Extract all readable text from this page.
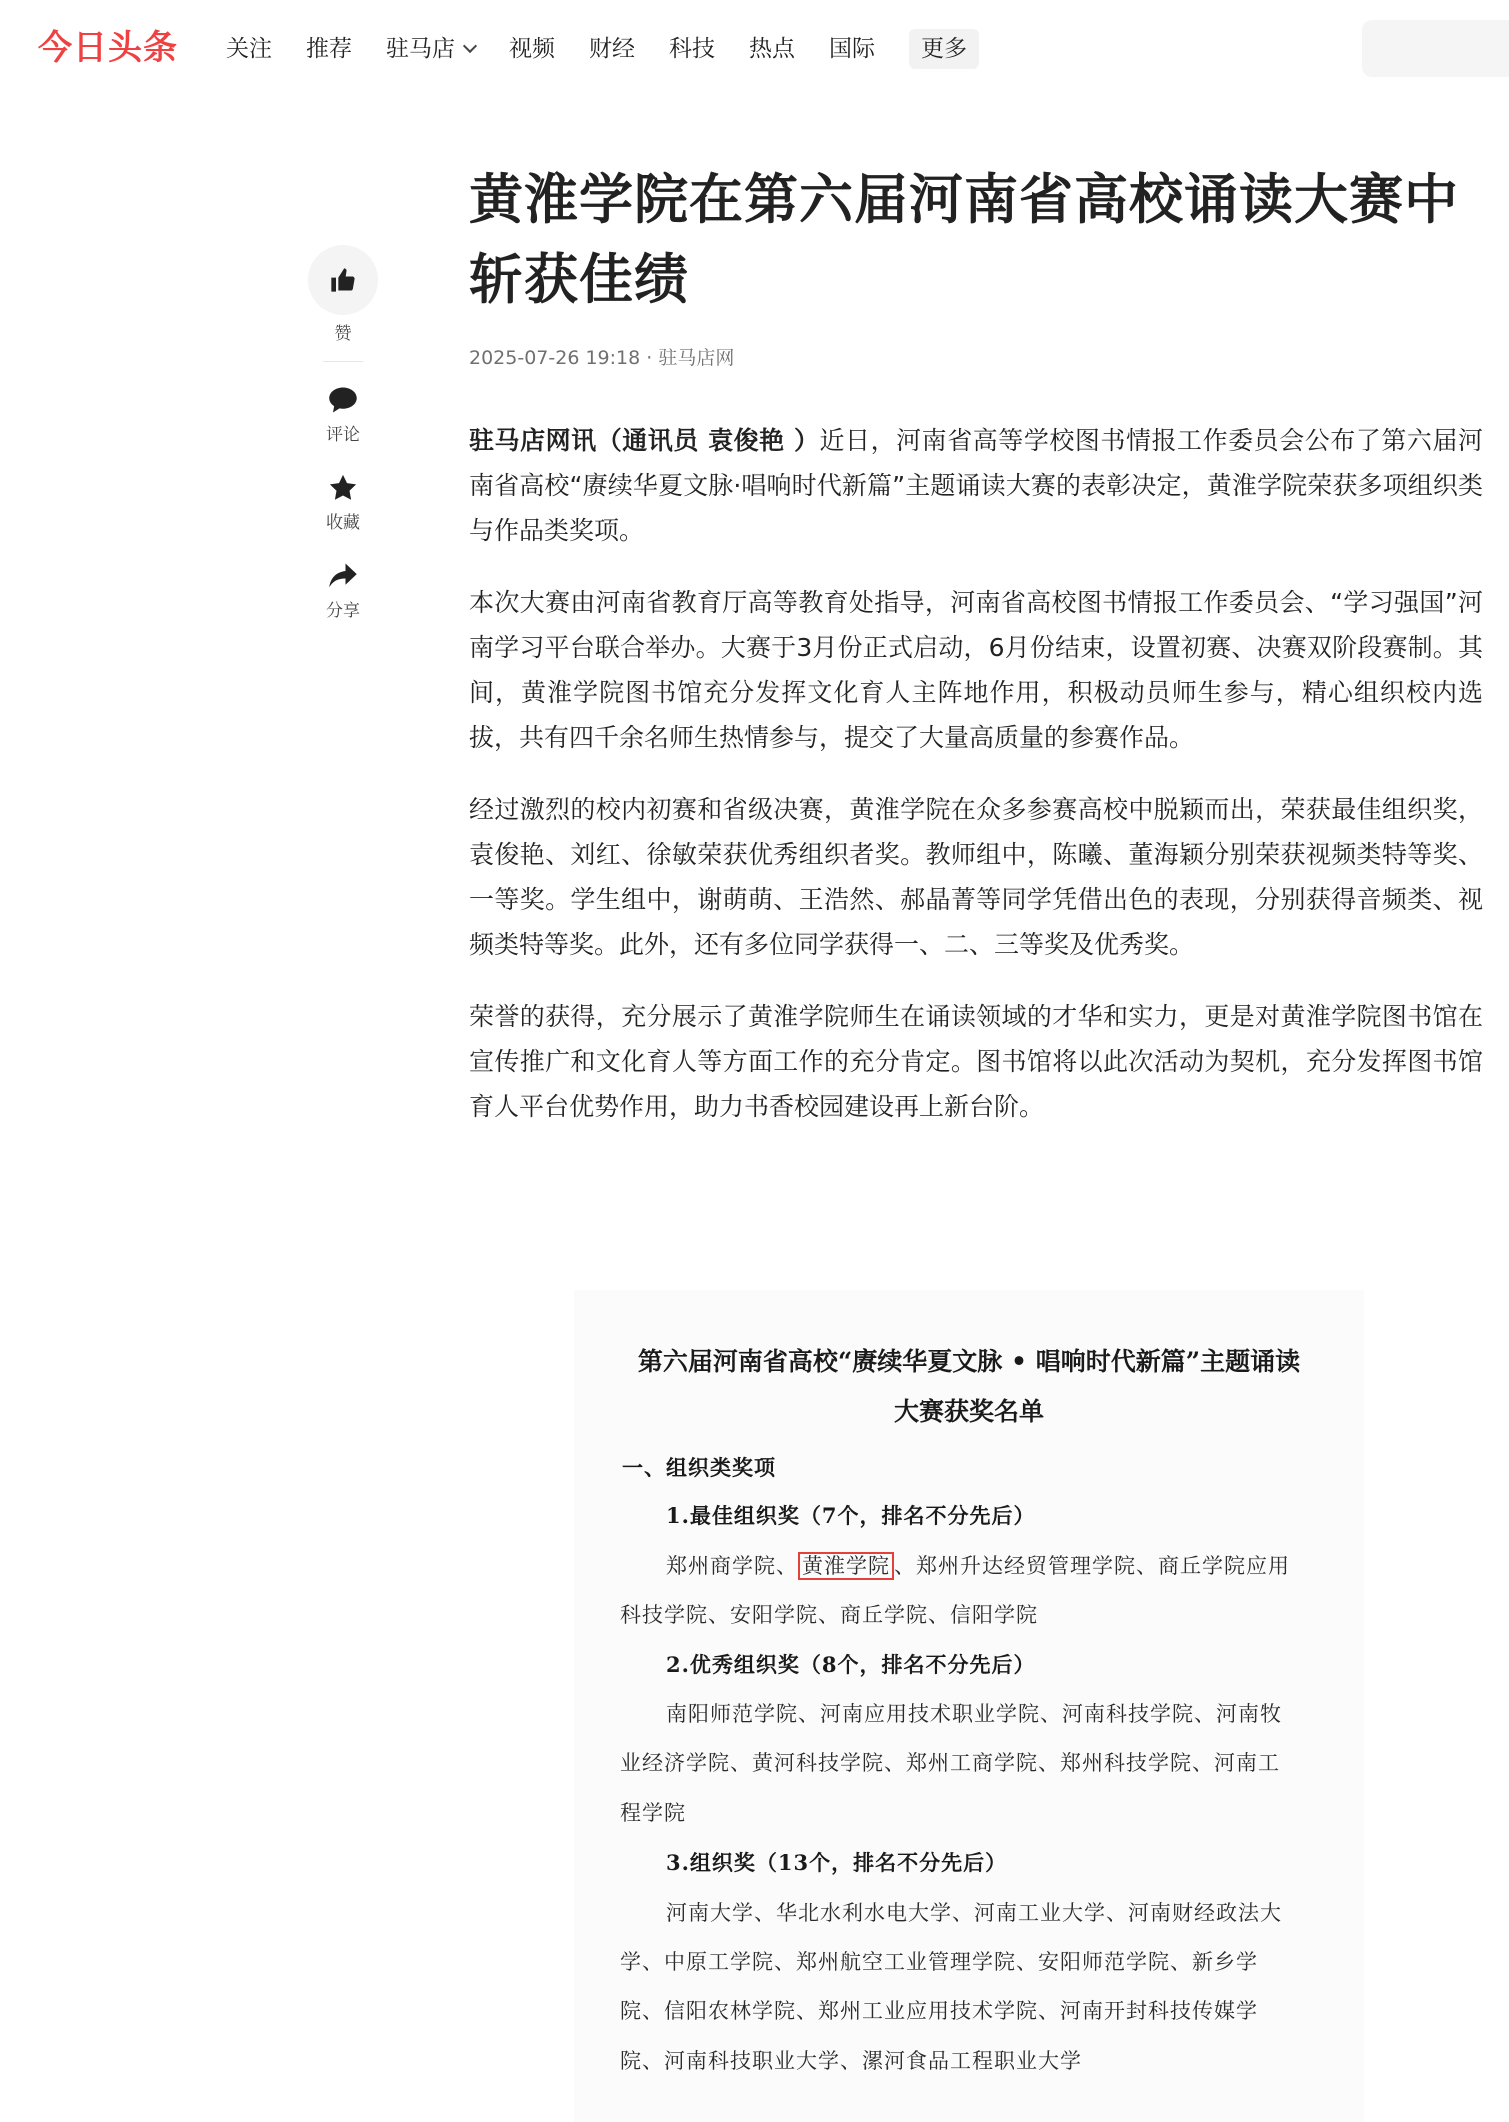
今日头条 关注 推荐 驻马店 视频 财经 科技 热点 国际	更多
赞
评论
收藏
分享
黄淮学院在第六届河南省高校诵读大赛中斩获佳绩
2025-07-26 19:18 · 驻马店网

驻马店网讯（通讯员 袁俊艳 ）近日，河南省高等学校图书情报工作委员会公布了第六届河南省高校“赓续华夏文脉·唱响时代新篇”主题诵读大赛的表彰决定，黄淮学院荣获多项组织类与作品类奖项。

本次大赛由河南省教育厅高等教育处指导，河南省高校图书情报工作委员会、“学习强国”河南学习平台联合举办。大赛于3月份正式启动，6月份结束，设置初赛、决赛双阶段赛制。其间，黄淮学院图书馆充分发挥文化育人主阵地作用，积极动员师生参与，精心组织校内选拔，共有四千余名师生热情参与，提交了大量高质量的参赛作品。

经过激烈的校内初赛和省级决赛，黄淮学院在众多参赛高校中脱颖而出，荣获最佳组织奖，袁俊艳、刘红、徐敏荣获优秀组织者奖。教师组中，陈曦、董海颖分别荣获视频类特等奖、一等奖。学生组中，谢萌萌、王浩然、郝晶菁等同学凭借出色的表现，分别获得音频类、视频类特等奖。此外，还有多位同学获得一、二、三等奖及优秀奖。

荣誉的获得，充分展示了黄淮学院师生在诵读领域的才华和实力，更是对黄淮学院图书馆在宣传推广和文化育人等方面工作的充分肯定。图书馆将以此次活动为契机，充分发挥图书馆育人平台优势作用，助力书香校园建设再上新台阶。

第六届河南省高校“赓续华夏文脉 • 唱响时代新篇”主题诵读
大赛获奖名单
一、组织类奖项
1.最佳组织奖（7个，排名不分先后）
郑州商学院、 黄淮学院 、郑州升达经贸管理学院、商丘学院应用
科技学院、安阳学院、商丘学院、信阳学院
2.优秀组织奖（8个，排名不分先后）
南阳师范学院、河南应用技术职业学院、河南科技学院、河南牧
业经济学院、黄河科技学院、郑州工商学院、郑州科技学院、河南工
程学院
3.组织奖（13个，排名不分先后）
河南大学、华北水利水电大学、河南工业大学、河南财经政法大
学、中原工学院、郑州航空工业管理学院、安阳师范学院、新乡学
院、信阳农林学院、郑州工业应用技术学院、河南开封科技传媒学
院、河南科技职业大学、漯河食品工程职业大学
